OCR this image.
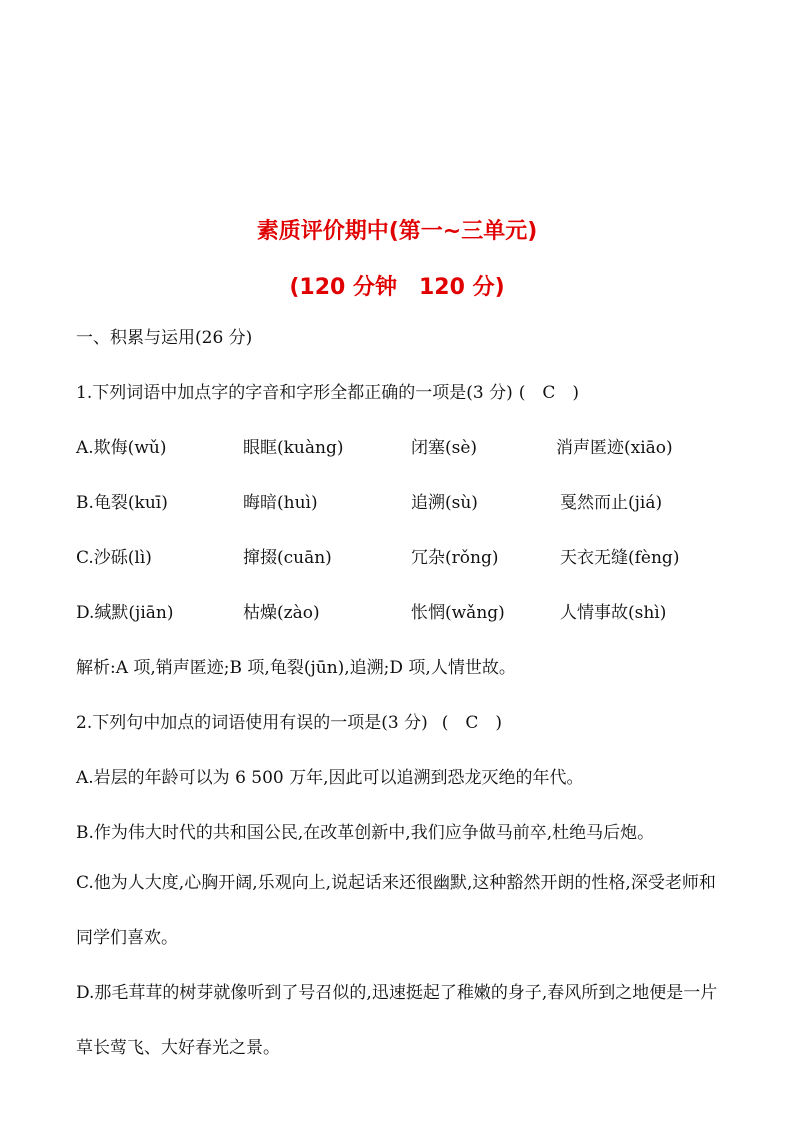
素质评价期中(第一~三单元)
(120 分钟　120 分)
一、积累与运用(26 分)
1.下列词语中加点字的字音和字形全都正确的一项是(3 分) (　C　)
A.欺侮(wǔ)	眼眶(kuàng)	闭塞(sè)	消声匿迹(xiāo)
B.龟裂(kuī)	晦暗(huì)	追溯(sù)	戛然而止(jiá)
C.沙砾(lì)	撺掇(cuān)	冗杂(rǒng)	天衣无缝(fèng)
D.缄默(jiān)	枯燥(zào)	怅惘(wǎng)	人情事故(shì)
解析:A 项,销声匿迹;B 项,龟裂(jūn),追溯;D 项,人情世故。
2.下列句中加点的词语使用有误的一项是(3 分) (　C　)
A.岩层的年龄可以为 6 500 万年,因此可以追溯到恐龙灭绝的年代。
B.作为伟大时代的共和国公民,在改革创新中,我们应争做马前卒,杜绝马后炮。
C.他为人大度,心胸开阔,乐观向上,说起话来还很幽默,这种豁然开朗的性格,深受老师和同学们喜欢。
D.那毛茸茸的树芽就像听到了号召似的,迅速挺起了稚嫩的身子,春风所到之地便是一片草长莺飞、大好春光之景。
